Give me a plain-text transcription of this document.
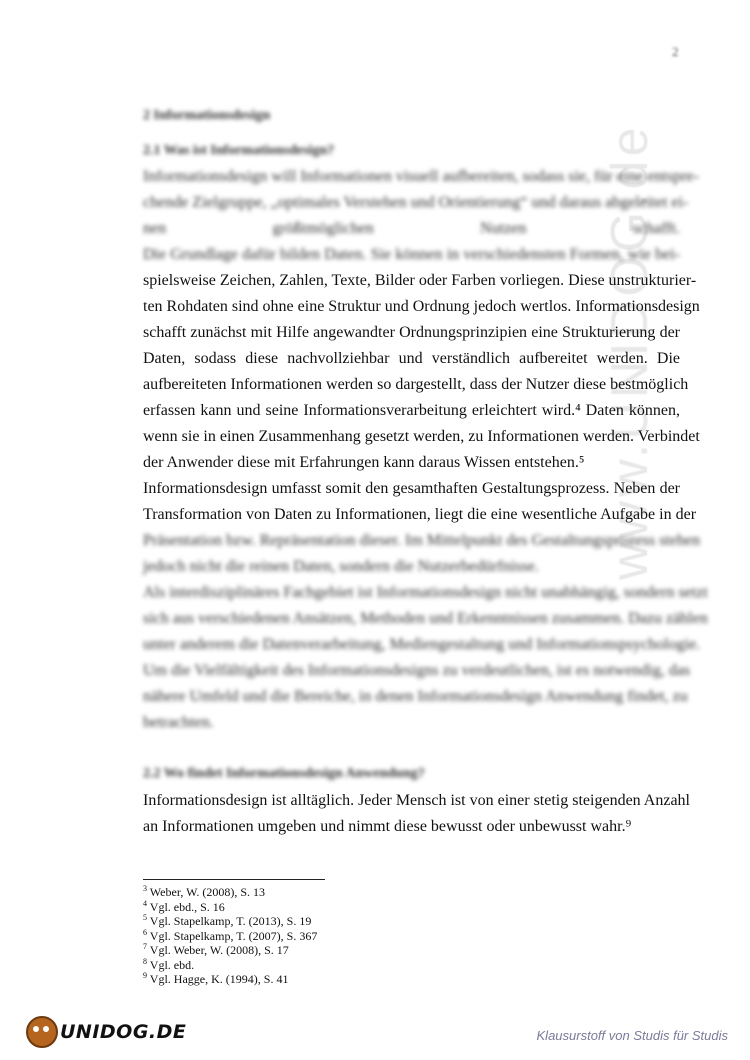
2
www.UNIDOG.de
2 Informationsdesign
2.1 Was ist Informationsdesign?
Informationsdesign will Informationen visuell aufbereiten, sodass sie, für eine entspre-
chende Zielgruppe, „optimales Verstehen und Orientierung“ und daraus abgeleitet ei-
nen größtmöglichen Nutzen schafft.
Die Grundlage dafür bilden Daten. Sie können in verschiedensten Formen, wie bei-
spielsweise Zeichen, Zahlen, Texte, Bilder oder Farben vorliegen. Diese unstrukturier-
ten Rohdaten sind ohne eine Struktur und Ordnung jedoch wertlos. Informationsdesign
schafft zunächst mit Hilfe angewandter Ordnungsprinzipien eine Strukturierung der
Daten, sodass diese nachvollziehbar und verständlich aufbereitet werden. Die
aufbereiteten Informationen werden so dargestellt, dass der Nutzer diese bestmöglich
erfassen kann und seine Informationsverarbeitung erleichtert wird.⁴ Daten können,
wenn sie in einen Zusammenhang gesetzt werden, zu Informationen werden. Verbindet
der Anwender diese mit Erfahrungen kann daraus Wissen entstehen.⁵
Informationsdesign umfasst somit den gesamthaften Gestaltungsprozess. Neben der
Transformation von Daten zu Informationen, liegt die eine wesentliche Aufgabe in der
Präsentation bzw. Repräsentation dieser. Im Mittelpunkt des Gestaltungsprozess stehen
jedoch nicht die reinen Daten, sondern die Nutzerbedürfnisse.
Als interdisziplinäres Fachgebiet ist Informationsdesign nicht unabhängig, sondern setzt
sich aus verschiedenen Ansätzen, Methoden und Erkenntnissen zusammen. Dazu zählen
unter anderem die Datenverarbeitung, Mediengestaltung und Informationspsychologie.
Um die Vielfältigkeit des Informationsdesigns zu verdeutlichen, ist es notwendig, das
nähere Umfeld und die Bereiche, in denen Informationsdesign Anwendung findet, zu
betrachten.
2.2 Wo findet Informationsdesign Anwendung?
Informationsdesign ist alltäglich. Jeder Mensch ist von einer stetig steigenden Anzahl
an Informationen umgeben und nimmt diese bewusst oder unbewusst wahr.⁹
$^3$ Weber, W. (2008), S. 13
$^4$ Vgl. ebd., S. 16
$^5$ Vgl. Stapelkamp, T. (2013), S. 19
$^6$ Vgl. Stapelkamp, T. (2007), S. 367
$^7$ Vgl. Weber, W. (2008), S. 17
$^8$ Vgl. ebd.
$^9$ Vgl. Hagge, K. (1994), S. 41
UNIDOG.DE	Klausurstoff von Studis für Studis
